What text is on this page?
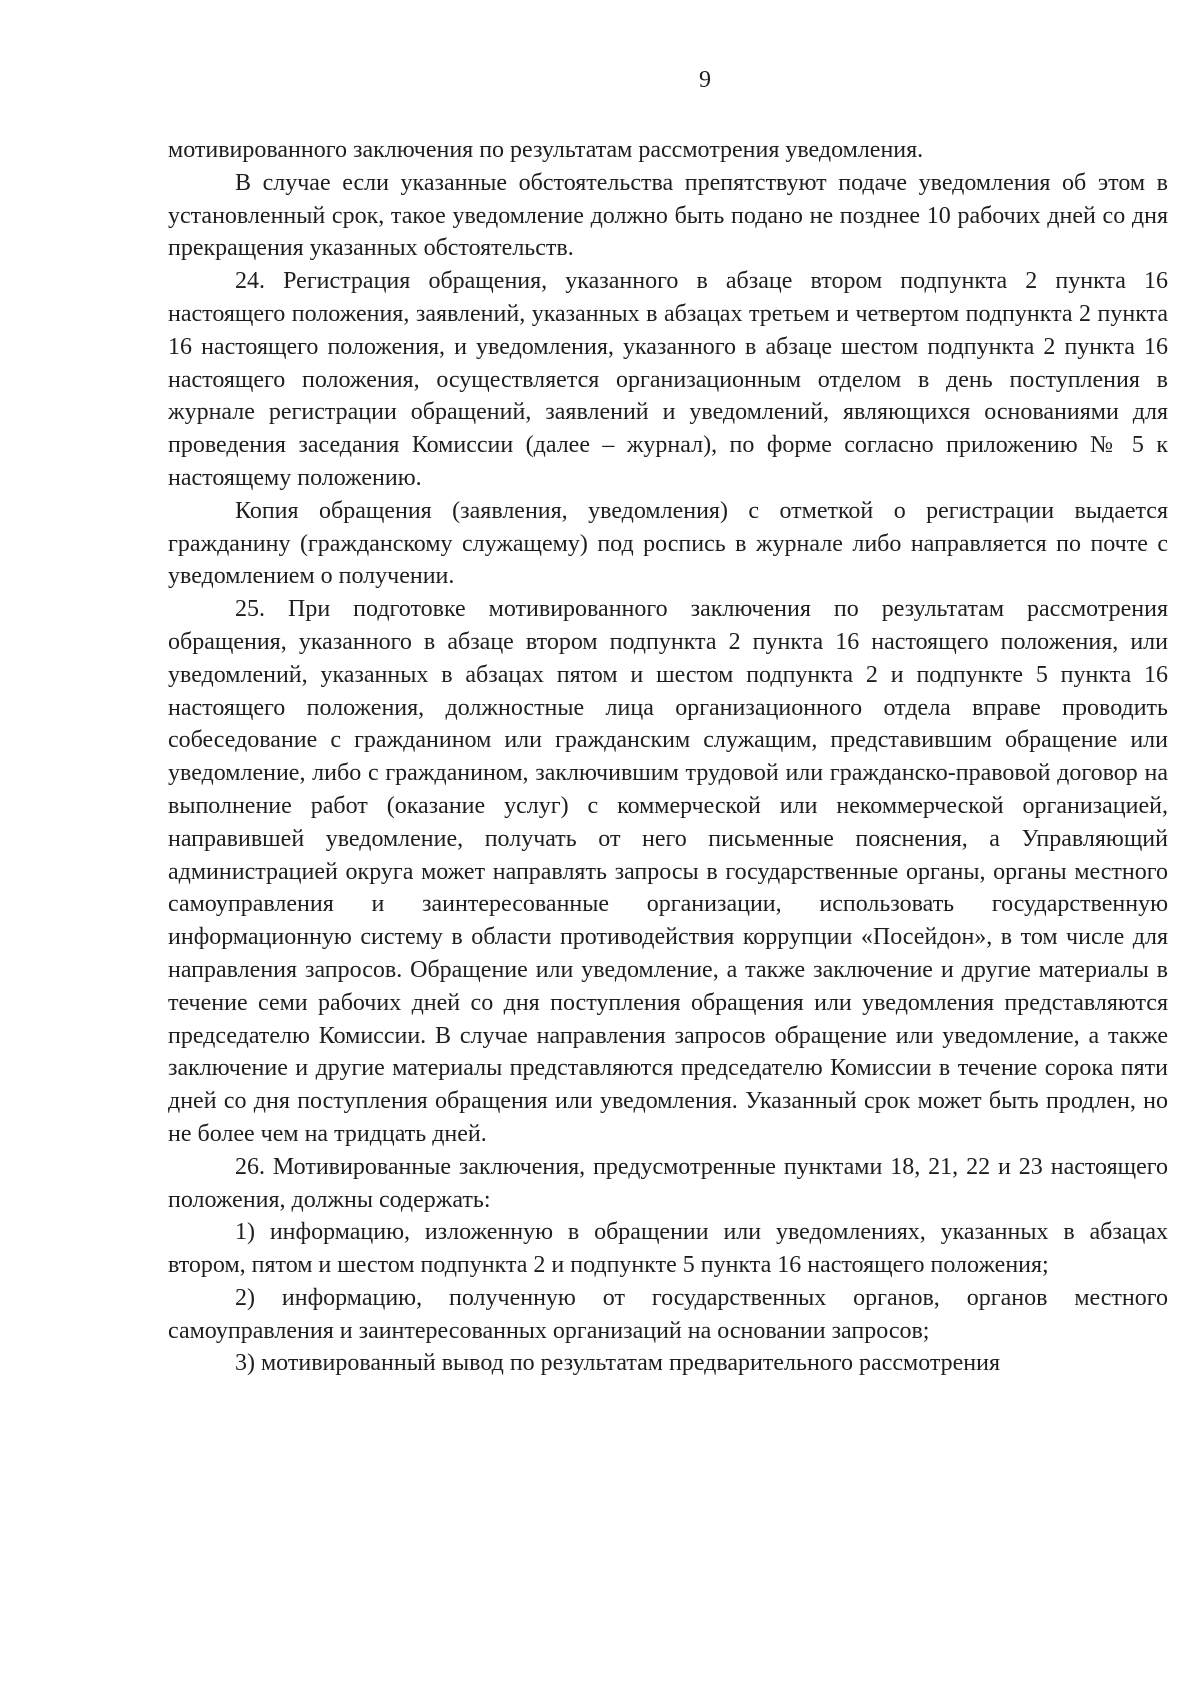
9

мотивированного заключения по результатам рассмотрения уведомления.

В случае если указанные обстоятельства препятствуют подаче уведомления об этом в установленный срок, такое уведомление должно быть подано не позднее 10 рабочих дней со дня прекращения указанных обстоятельств.

24. Регистрация обращения, указанного в абзаце втором подпункта 2 пункта 16 настоящего положения, заявлений, указанных в абзацах третьем и четвертом подпункта 2 пункта 16 настоящего положения, и уведомления, указанного в абзаце шестом подпункта 2 пункта 16 настоящего положения, осуществляется организационным отделом в день поступления в журнале регистрации обращений, заявлений и уведомлений, являющихся основаниями для проведения заседания Комиссии (далее – журнал), по форме согласно приложению № 5 к настоящему положению.

Копия обращения (заявления, уведомления) с отметкой о регистрации выдается гражданину (гражданскому служащему) под роспись в журнале либо направляется по почте с уведомлением о получении.

25. При подготовке мотивированного заключения по результатам рассмотрения обращения, указанного в абзаце втором подпункта 2 пункта 16 настоящего положения, или уведомлений, указанных в абзацах пятом и шестом подпункта 2 и подпункте 5 пункта 16 настоящего положения, должностные лица организационного отдела вправе проводить собеседование с гражданином или гражданским служащим, представившим обращение или уведомление, либо с гражданином, заключившим трудовой или гражданско-правовой договор на выполнение работ (оказание услуг) с коммерческой или некоммерческой организацией, направившей уведомление, получать от него письменные пояснения, а Управляющий администрацией округа может направлять запросы в государственные органы, органы местного самоуправления и заинтересованные организации, использовать государственную информационную систему в области противодействия коррупции «Посейдон», в том числе для направления запросов. Обращение или уведомление, а также заключение и другие материалы в течение семи рабочих дней со дня поступления обращения или уведомления представляются председателю Комиссии. В случае направления запросов обращение или уведомление, а также заключение и другие материалы представляются председателю Комиссии в течение сорока пяти дней со дня поступления обращения или уведомления. Указанный срок может быть продлен, но не более чем на тридцать дней.

26. Мотивированные заключения, предусмотренные пунктами 18, 21, 22 и 23 настоящего положения, должны содержать:

1) информацию, изложенную в обращении или уведомлениях, указанных в абзацах втором, пятом и шестом подпункта 2 и подпункте 5 пункта 16 настоящего положения;

2) информацию, полученную от государственных органов, органов местного самоуправления и заинтересованных организаций на основании запросов;

3) мотивированный вывод по результатам предварительного рассмотрения
